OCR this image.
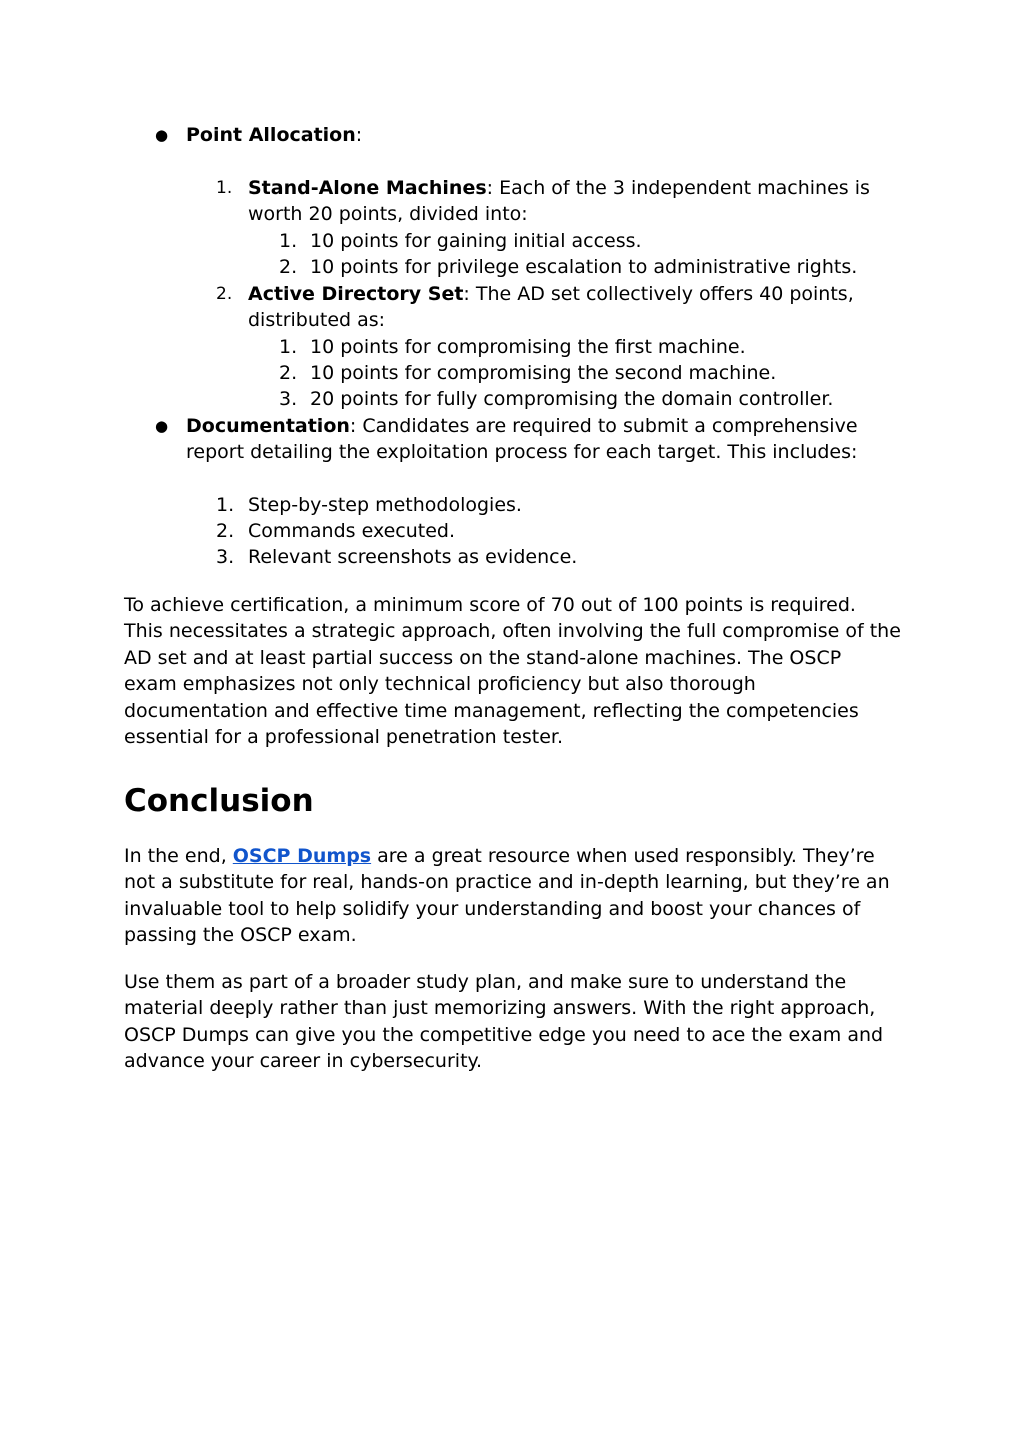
● Point Allocation:
1. Stand-Alone Machines: Each of the 3 independent machines is
worth 20 points, divided into:
1. 10 points for gaining initial access.
2. 10 points for privilege escalation to administrative rights.
2. Active Directory Set: The AD set collectively offers 40 points,
distributed as:
1. 10 points for compromising the first machine.
2. 10 points for compromising the second machine.
3. 20 points for fully compromising the domain controller.
● Documentation: Candidates are required to submit a comprehensive
report detailing the exploitation process for each target. This includes:
1. Step-by-step methodologies.
2. Commands executed.
3. Relevant screenshots as evidence.
To achieve certification, a minimum score of 70 out of 100 points is required.
This necessitates a strategic approach, often involving the full compromise of the
AD set and at least partial success on the stand-alone machines. The OSCP
exam emphasizes not only technical proficiency but also thorough
documentation and effective time management, reflecting the competencies
essential for a professional penetration tester.
Conclusion
In the end, OSCP Dumps are a great resource when used responsibly. They’re
not a substitute for real, hands-on practice and in-depth learning, but they’re an
invaluable tool to help solidify your understanding and boost your chances of
passing the OSCP exam.
Use them as part of a broader study plan, and make sure to understand the
material deeply rather than just memorizing answers. With the right approach,
OSCP Dumps can give you the competitive edge you need to ace the exam and
advance your career in cybersecurity.
